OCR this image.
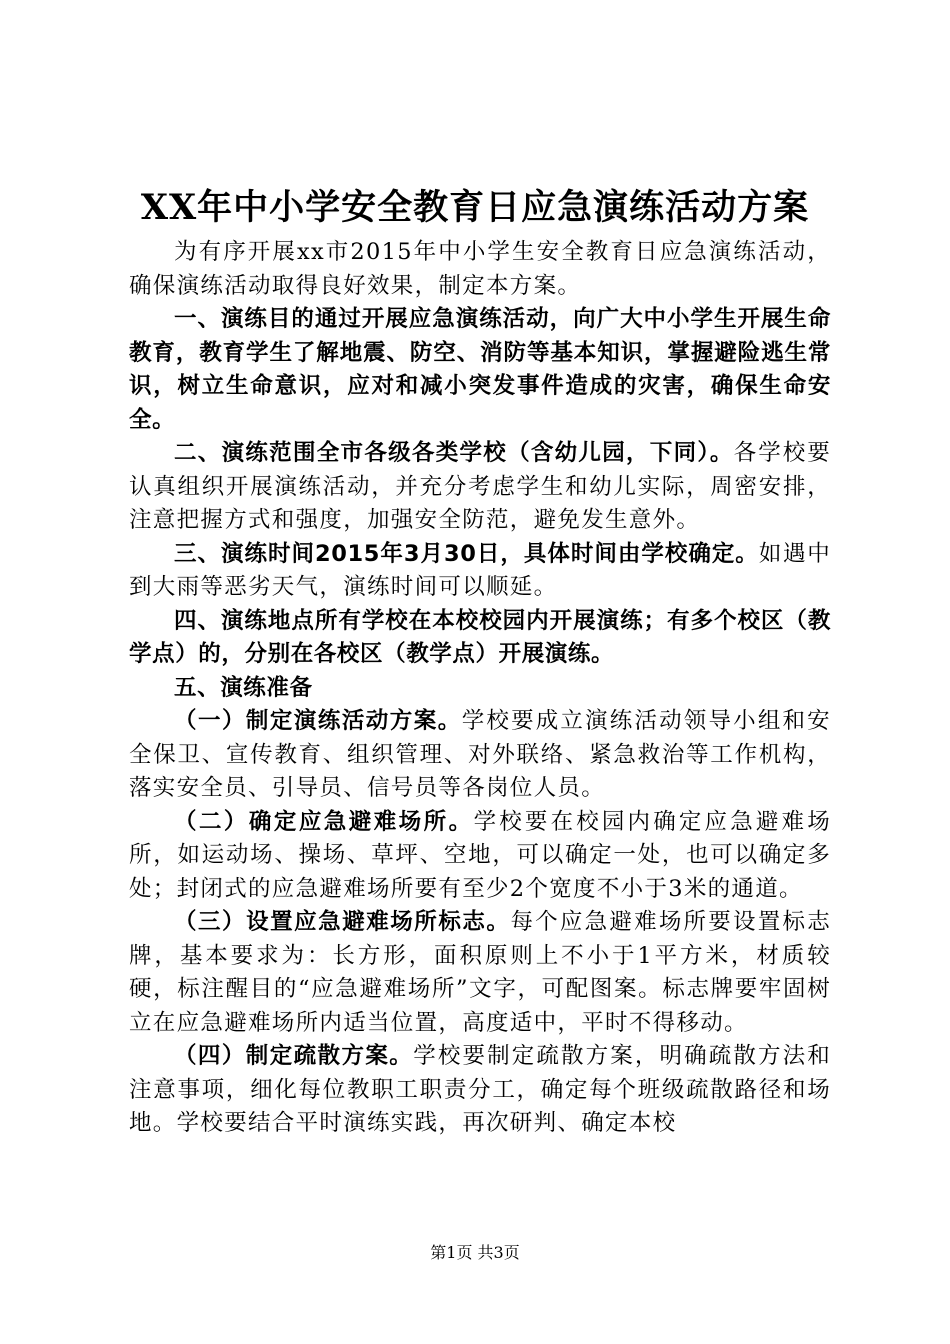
XX年中小学安全教育日应急演练活动方案

为有序开展xx市2015年中小学生安全教育日应急演练活动，确保演练活动取得良好效果，制定本方案。

一、演练目的通过开展应急演练活动，向广大中小学生开展生命教育，教育学生了解地震、防空、消防等基本知识，掌握避险逃生常识，树立生命意识，应对和减小突发事件造成的灾害，确保生命安全。

二、演练范围全市各级各类学校（含幼儿园，下同）。各学校要认真组织开展演练活动，并充分考虑学生和幼儿实际，周密安排，注意把握方式和强度，加强安全防范，避免发生意外。

三、演练时间2015年3月30日，具体时间由学校确定。如遇中到大雨等恶劣天气，演练时间可以顺延。

四、演练地点所有学校在本校校园内开展演练；有多个校区（教学点）的，分别在各校区（教学点）开展演练。

五、演练准备

（一）制定演练活动方案。学校要成立演练活动领导小组和安全保卫、宣传教育、组织管理、对外联络、紧急救治等工作机构，落实安全员、引导员、信号员等各岗位人员。

（二）确定应急避难场所。学校要在校园内确定应急避难场所，如运动场、操场、草坪、空地，可以确定一处，也可以确定多处；封闭式的应急避难场所要有至少2个宽度不小于3米的通道。

（三）设置应急避难场所标志。每个应急避难场所要设置标志牌，基本要求为：长方形，面积原则上不小于1平方米，材质较硬，标注醒目的“应急避难场所”文字，可配图案。标志牌要牢固树立在应急避难场所内适当位置，高度适中，平时不得移动。

（四）制定疏散方案。学校要制定疏散方案，明确疏散方法和注意事项，细化每位教职工职责分工，确定每个班级疏散路径和场地。学校要结合平时演练实践，再次研判、确定本校

第1页 共3页
